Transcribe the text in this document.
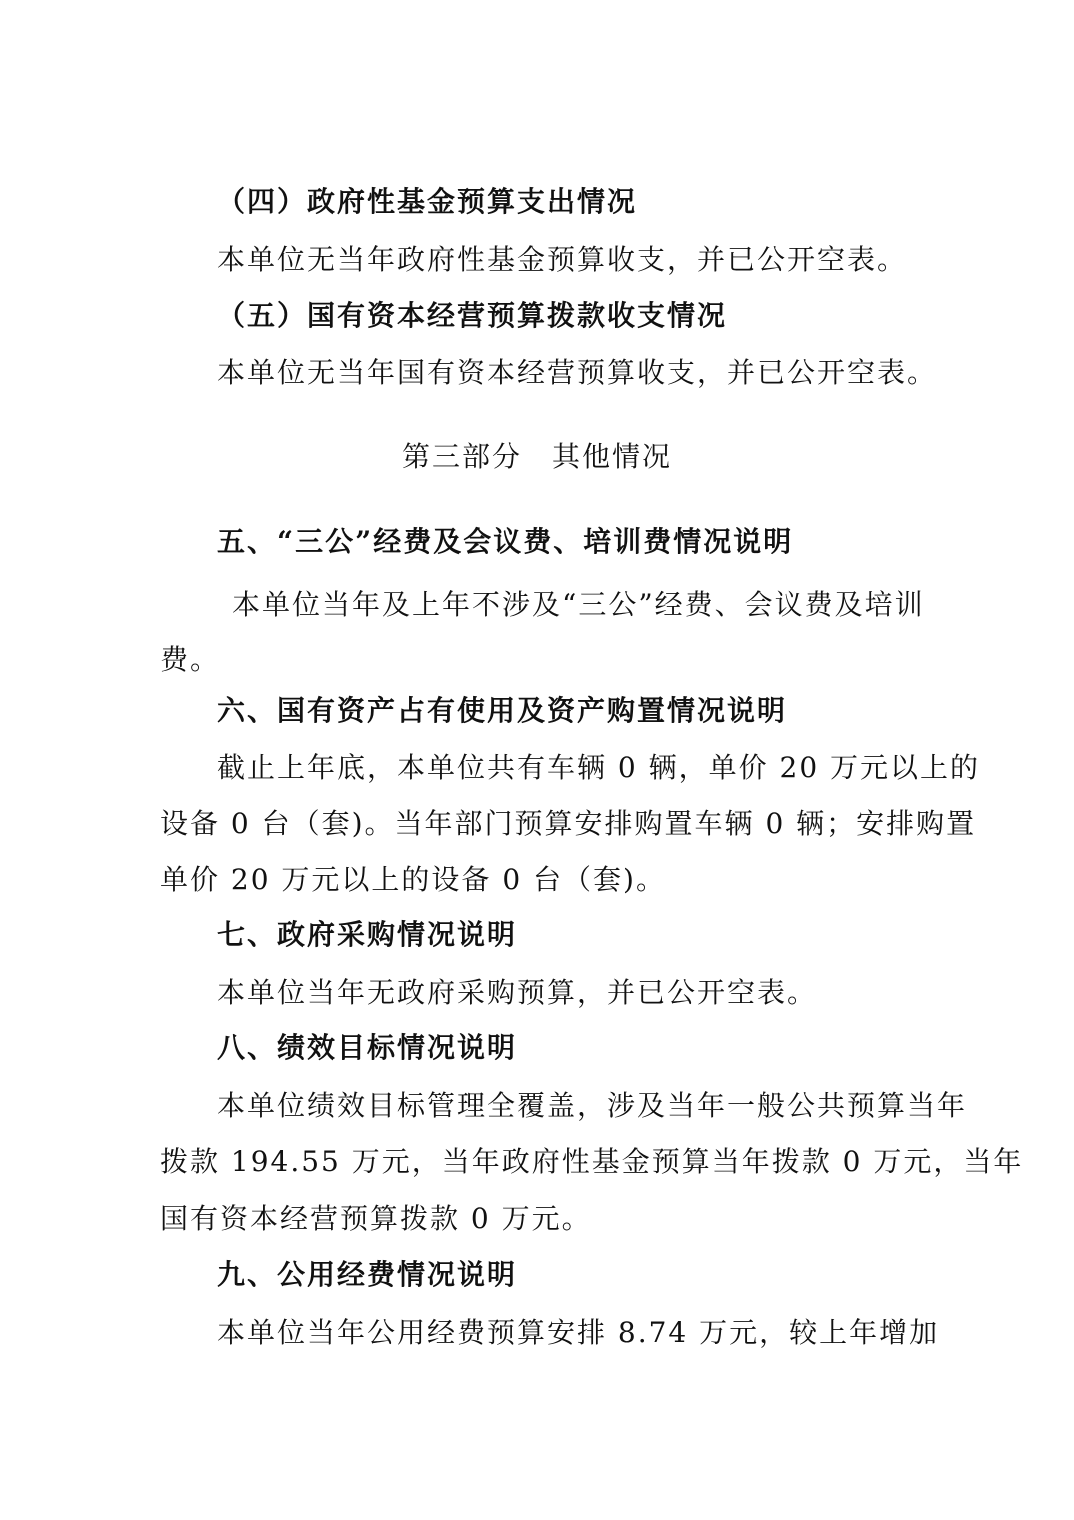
（四）政府性基金预算支出情况
本单位无当年政府性基金预算收支，并已公开空表。
（五）国有资本经营预算拨款收支情况
本单位无当年国有资本经营预算收支，并已公开空表。
第三部分　其他情况
五、“三公”经费及会议费、培训费情况说明
本单位当年及上年不涉及“三公”经费、会议费及培训
费。
六、国有资产占有使用及资产购置情况说明
截止上年底，本单位共有车辆 0 辆，单价 20 万元以上的
设备 0 台（套)。当年部门预算安排购置车辆 0 辆；安排购置
单价 20 万元以上的设备 0 台（套)。
七、政府采购情况说明
本单位当年无政府采购预算，并已公开空表。
八、绩效目标情况说明
本单位绩效目标管理全覆盖，涉及当年一般公共预算当年
拨款 194.55 万元，当年政府性基金预算当年拨款 0 万元，当年
国有资本经营预算拨款 0 万元。
九、公用经费情况说明
本单位当年公用经费预算安排 8.74 万元，较上年增加
